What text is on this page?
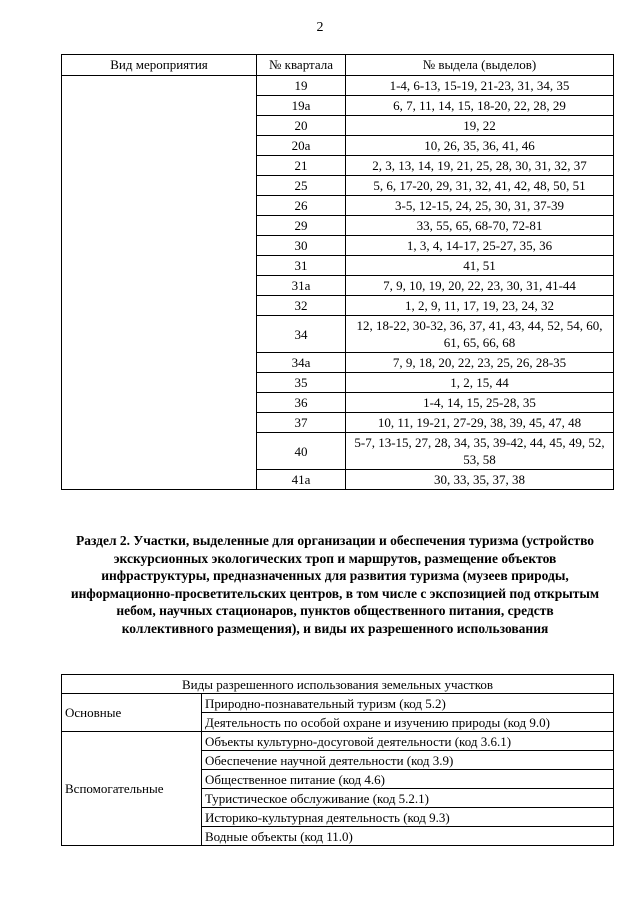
2
Вид мероприятия	№ квартала	№ выдела (выделов)
	19	1-4, 6-13, 15-19, 21-23, 31, 34, 35
	19а	6, 7, 11, 14, 15, 18-20, 22, 28, 29
	20	19, 22
	20а	10, 26, 35, 36, 41, 46
	21	2, 3, 13, 14, 19, 21, 25, 28, 30, 31, 32, 37
	25	5, 6, 17-20, 29, 31, 32, 41, 42, 48, 50, 51
	26	3-5, 12-15, 24, 25, 30, 31, 37-39
	29	33, 55, 65, 68-70, 72-81
	30	1, 3, 4, 14-17, 25-27, 35, 36
	31	41, 51
	31а	7, 9, 10, 19, 20, 22, 23, 30, 31, 41-44
	32	1, 2, 9, 11, 17, 19, 23, 24, 32
	34	12, 18-22, 30-32, 36, 37, 41, 43, 44, 52, 54, 60, 61, 65, 66, 68
	34а	7, 9, 18, 20, 22, 23, 25, 26, 28-35
	35	1, 2, 15, 44
	36	1-4, 14, 15, 25-28, 35
	37	10, 11, 19-21, 27-29, 38, 39, 45, 47, 48
	40	5-7, 13-15, 27, 28, 34, 35, 39-42, 44, 45, 49, 52, 53, 58
	41а	30, 33, 35, 37, 38
Раздел 2. Участки, выделенные для организации и обеспечения туризма (устройство экскурсионных экологических троп и маршрутов, размещение объектов инфраструктуры, предназначенных для развития туризма (музеев природы, информационно-просветительских центров, в том числе с экспозицией под открытым небом, научных стационаров, пунктов общественного питания, средств коллективного размещения), и виды их разрешенного использования
Виды разрешенного использования земельных участков	
Основные	Природно-познавательный туризм (код 5.2)
	Деятельность по особой охране и изучению природы (код 9.0)
Вспомогательные	Объекты культурно-досуговой деятельности (код 3.6.1)
	Обеспечение научной деятельности (код 3.9)
	Общественное питание (код 4.6)
	Туристическое обслуживание (код 5.2.1)
	Историко-культурная деятельность (код 9.3)
	Водные объекты (код 11.0)
